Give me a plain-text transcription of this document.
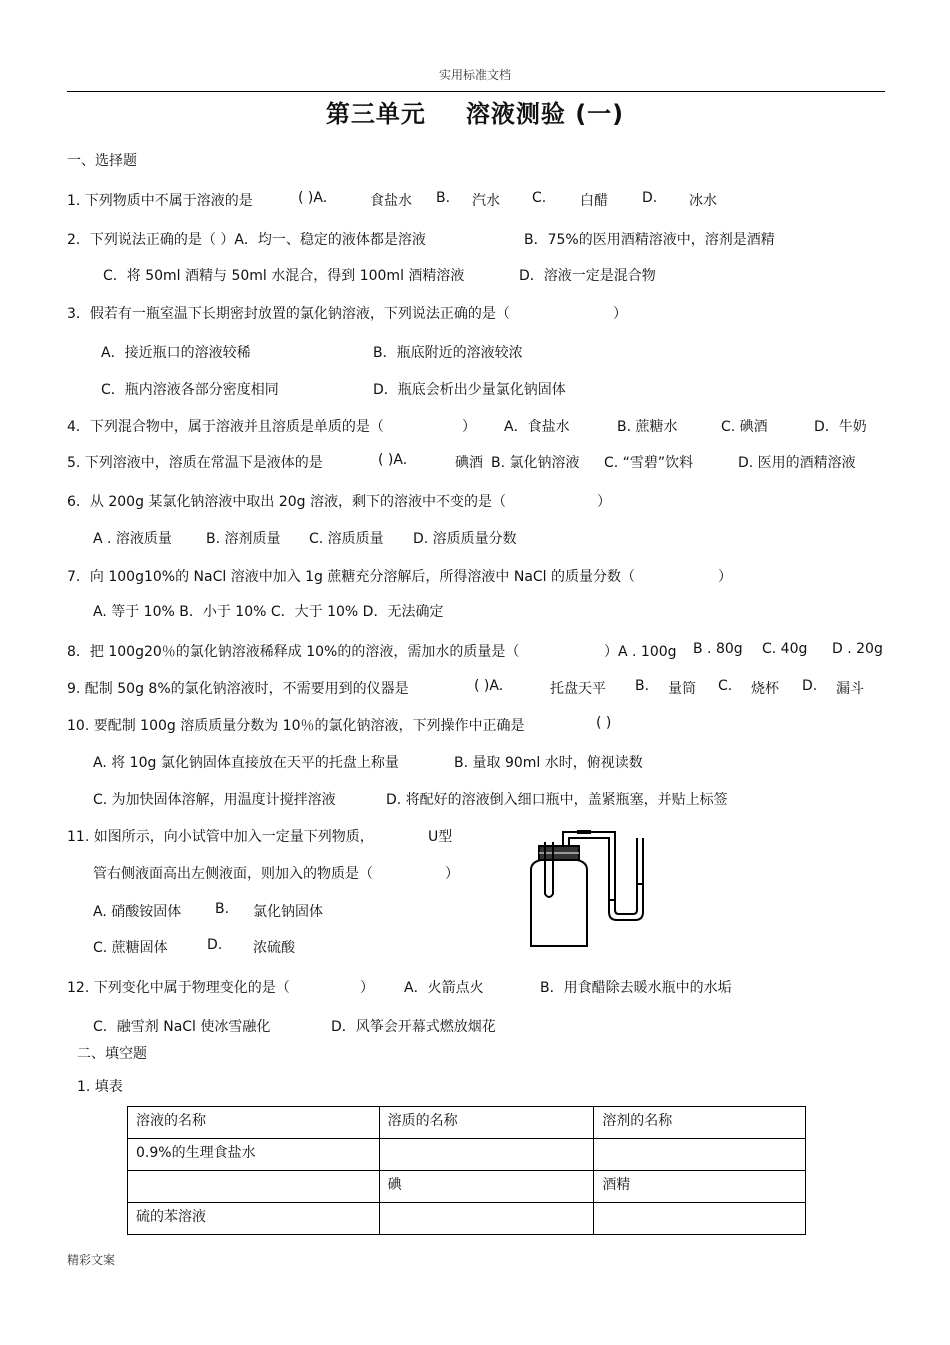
实用标准文档
第三单元 溶液测验 (一)
一、选择题
1. 下列物质中不属于溶液的是	( )A.	食盐水 B. 汽水 C. 白醋 D. 冰水
2．下列说法正确的是（ ）A．均一、稳定的液体都是溶液	B．75%的医用酒精溶液中，溶剂是酒精
C．将 50ml 酒精与 50ml 水混合，得到 100ml 酒精溶液	D．溶液一定是混合物
3．假若有一瓶室温下长期密封放置的氯化钠溶液，下列说法正确的是（	）
A．接近瓶口的溶液较稀	B．瓶底附近的溶液较浓
C．瓶内溶液各部分密度相同	D．瓶底会析出少量氯化钠固体
4．下列混合物中，属于溶液并且溶质是单质的是（	） A．食盐水	B. 蔗糖水	C. 碘酒	D．牛奶
5. 下列溶液中，溶质在常温下是液体的是	( )A.	碘酒 B. 氯化钠溶液 C. “雪碧”饮料	D. 医用的酒精溶液
6．从 200g 某氯化钠溶液中取出 20g 溶液，剩下的溶液中不变的是（	）
A . 溶液质量 B. 溶剂质量 C. 溶质质量 D. 溶质质量分数
7．向 100g10%的 NaCl 溶液中加入 1g 蔗糖充分溶解后，所得溶液中 NaCl 的质量分数（	）
A. 等于 10% B．小于 10% C．大于 10% D．无法确定
8．把 100g20％的氯化钠溶液稀释成 10%的的溶液，需加水的质量是（	）A . 100g B . 80g C. 40g D . 20g
9. 配制 50g 8%的氯化钠溶液时，不需要用到的仪器是	( )A.	托盘天平 B. 量筒 C. 烧杯 D. 漏斗
10. 要配制 100g 溶质质量分数为 10％的氯化钠溶液，下列操作中正确是	( )
A. 将 10g 氯化钠固体直接放在天平的托盘上称量	B. 量取 90ml 水时，俯视读数
C. 为加快固体溶解，用温度计搅拌溶液	D. 将配好的溶液倒入细口瓶中，盖紧瓶塞，并贴上标签
11. 如图所示，向小试管中加入一定量下列物质，	U型
管右侧液面高出左侧液面，则加入的物质是（	）
A. 硝酸铵固体 B. 氯化钠固体
C. 蔗糖固体	D. 浓硫酸
12. 下列变化中属于物理变化的是（	） A．火箭点火	B．用食醋除去暖水瓶中的水垢
C．融雪剂 NaCl 使冰雪融化	D．风筝会开幕式燃放烟花
二、填空题
1. 填表
溶液的名称	溶质的名称	溶剂的名称
0.9%的生理食盐水		
	碘	酒精
硫的苯溶液		
精彩文案
